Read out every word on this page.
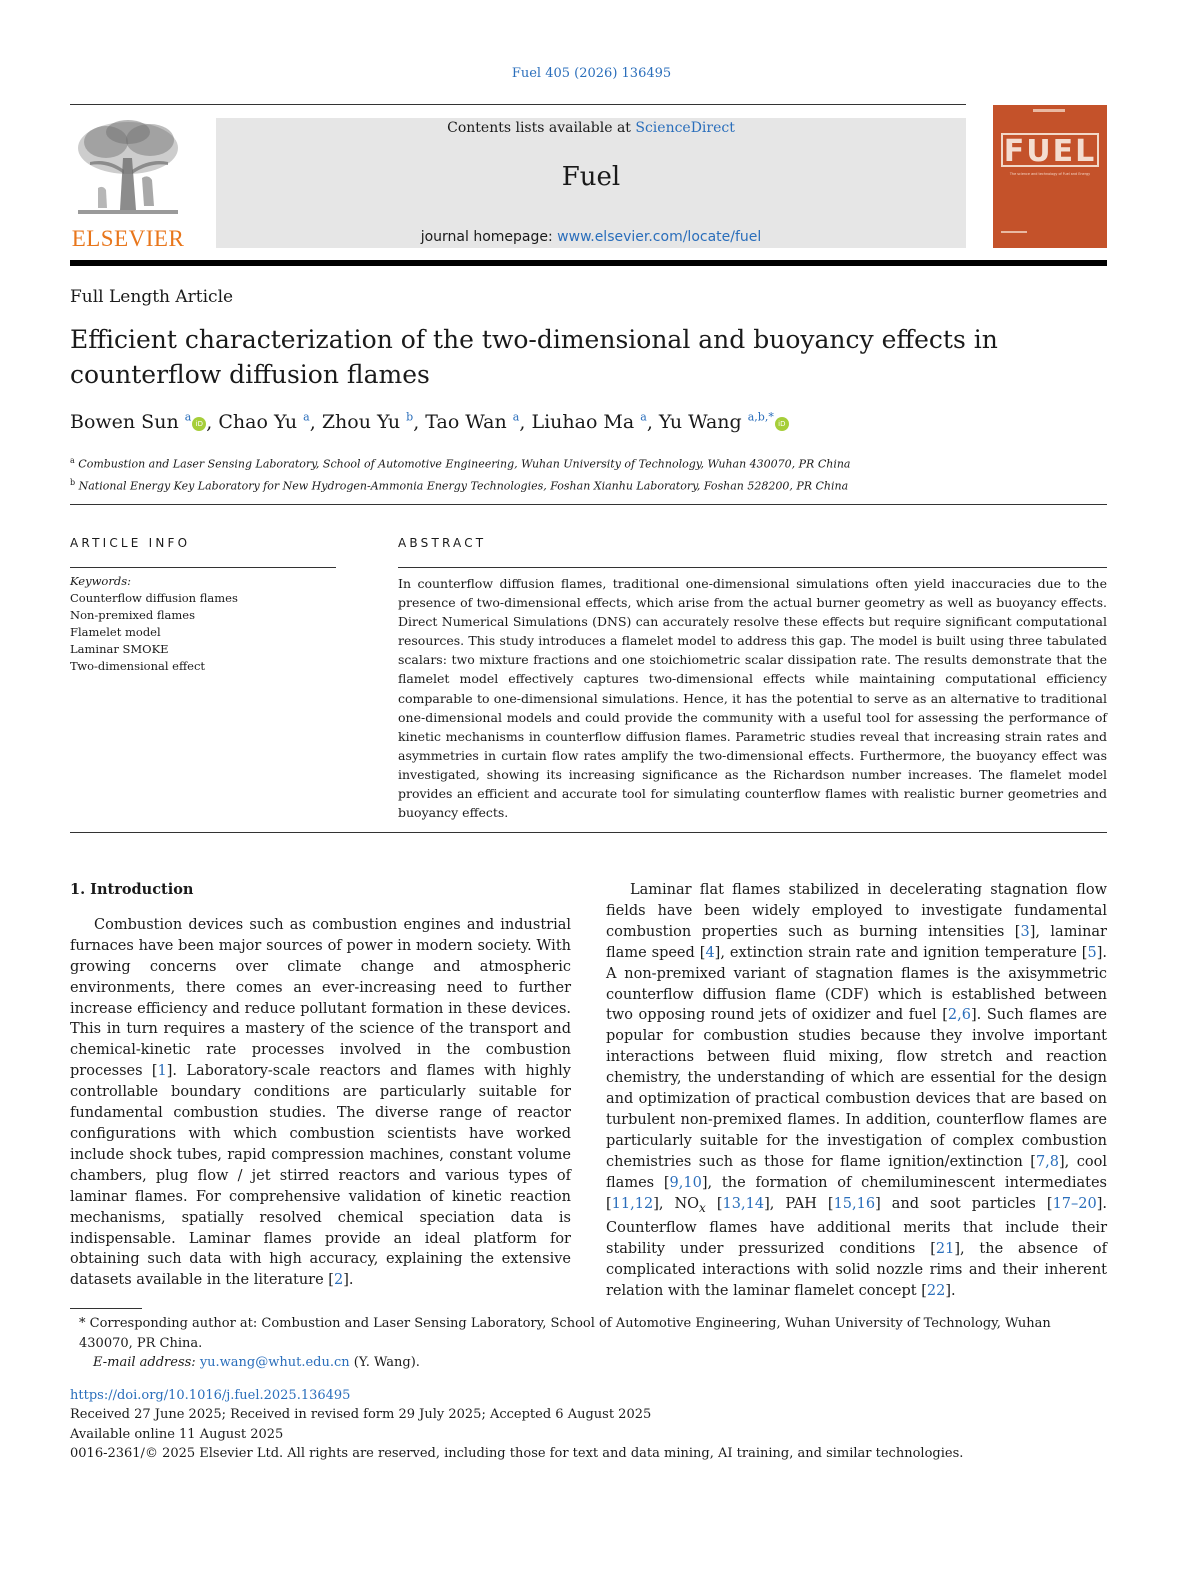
Fuel 405 (2026) 136495
ELSEVIER
Contents lists available at ScienceDirect
Fuel
journal homepage: www.elsevier.com/locate/fuel
FUEL
The science and technology of Fuel and Energy
Full Length Article
Efficient characterization of the two-dimensional and buoyancy effects in counterflow diffusion flames
Bowen Sun $^a$iD , Chao Yu $^a$, Zhou Yu $^b$, Tao Wan $^a$, Liuhao Ma $^a$, Yu Wang $^{a,b,*}$iD
$^a$ Combustion and Laser Sensing Laboratory, School of Automotive Engineering, Wuhan University of Technology, Wuhan 430070, PR China
$^b$ National Energy Key Laboratory for New Hydrogen-Ammonia Energy Technologies, Foshan Xianhu Laboratory, Foshan 528200, PR China
ARTICLE INFO	ABSTRACT
Keywords:
Counterflow diffusion flames
Non-premixed flames
Flamelet model
Laminar SMOKE
Two-dimensional effect

In counterflow diffusion flames, traditional one-dimensional simulations often yield inaccuracies due to the presence of two-dimensional effects, which arise from the actual burner geometry as well as buoyancy effects. Direct Numerical Simulations (DNS) can accurately resolve these effects but require significant computational resources. This study introduces a flamelet model to address this gap. The model is built using three tabulated scalars: two mixture fractions and one stoichiometric scalar dissipation rate. The results demonstrate that the flamelet model effectively captures two-dimensional effects while maintaining computational efficiency comparable to one-dimensional simulations. Hence, it has the potential to serve as an alternative to traditional one-dimensional models and could provide the community with a useful tool for assessing the performance of kinetic mechanisms in counterflow diffusion flames. Parametric studies reveal that increasing strain rates and asymmetries in curtain flow rates amplify the two-dimensional effects. Furthermore, the buoyancy effect was investigated, showing its increasing significance as the Richardson number increases. The flamelet model provides an efficient and accurate tool for simulating counterflow flames with realistic burner geometries and buoyancy effects.

1. Introduction

Combustion devices such as combustion engines and industrial furnaces have been major sources of power in modern society. With growing concerns over climate change and atmospheric environments, there comes an ever-increasing need to further increase efficiency and reduce pollutant formation in these devices. This in turn requires a mastery of the science of the transport and chemical-kinetic rate processes involved in the combustion processes [1]. Laboratory-scale reactors and flames with highly controllable boundary conditions are particularly suitable for fundamental combustion studies. The diverse range of reactor configurations with which combustion scientists have worked include shock tubes, rapid compression machines, constant volume chambers, plug flow / jet stirred reactors and various types of laminar flames. For comprehensive validation of kinetic reaction mechanisms, spatially resolved chemical speciation data is indispensable. Laminar flames provide an ideal platform for obtaining such data with high accuracy, explaining the extensive datasets available in the literature [2].

Laminar flat flames stabilized in decelerating stagnation flow fields have been widely employed to investigate fundamental combustion properties such as burning intensities [3], laminar flame speed [4], extinction strain rate and ignition temperature [5]. A non-premixed variant of stagnation flames is the axisymmetric counterflow diffusion flame (CDF) which is established between two opposing round jets of oxidizer and fuel [2,6]. Such flames are popular for combustion studies because they involve important interactions between fluid mixing, flow stretch and reaction chemistry, the understanding of which are essential for the design and optimization of practical combustion devices that are based on turbulent non-premixed flames. In addition, counterflow flames are particularly suitable for the investigation of complex combustion chemistries such as those for flame ignition/extinction [7,8], cool flames [9,10], the formation of chemiluminescent intermediates [11,12], $NO_x$ [13,14], PAH [15,16] and soot particles [17–20]. Counterflow flames have additional merits that include their stability under pressurized conditions [21], the absence of complicated interactions with solid nozzle rims and their inherent relation with the laminar flamelet concept [22].

* Corresponding author at: Combustion and Laser Sensing Laboratory, School of Automotive Engineering, Wuhan University of Technology, Wuhan 430070, PR China.

E-mail address: yu.wang@whut.edu.cn (Y. Wang).

https://doi.org/10.1016/j.fuel.2025.136495

Received 27 June 2025; Received in revised form 29 July 2025; Accepted 6 August 2025

Available online 11 August 2025

0016-2361/© 2025 Elsevier Ltd. All rights are reserved, including those for text and data mining, AI training, and similar technologies.
